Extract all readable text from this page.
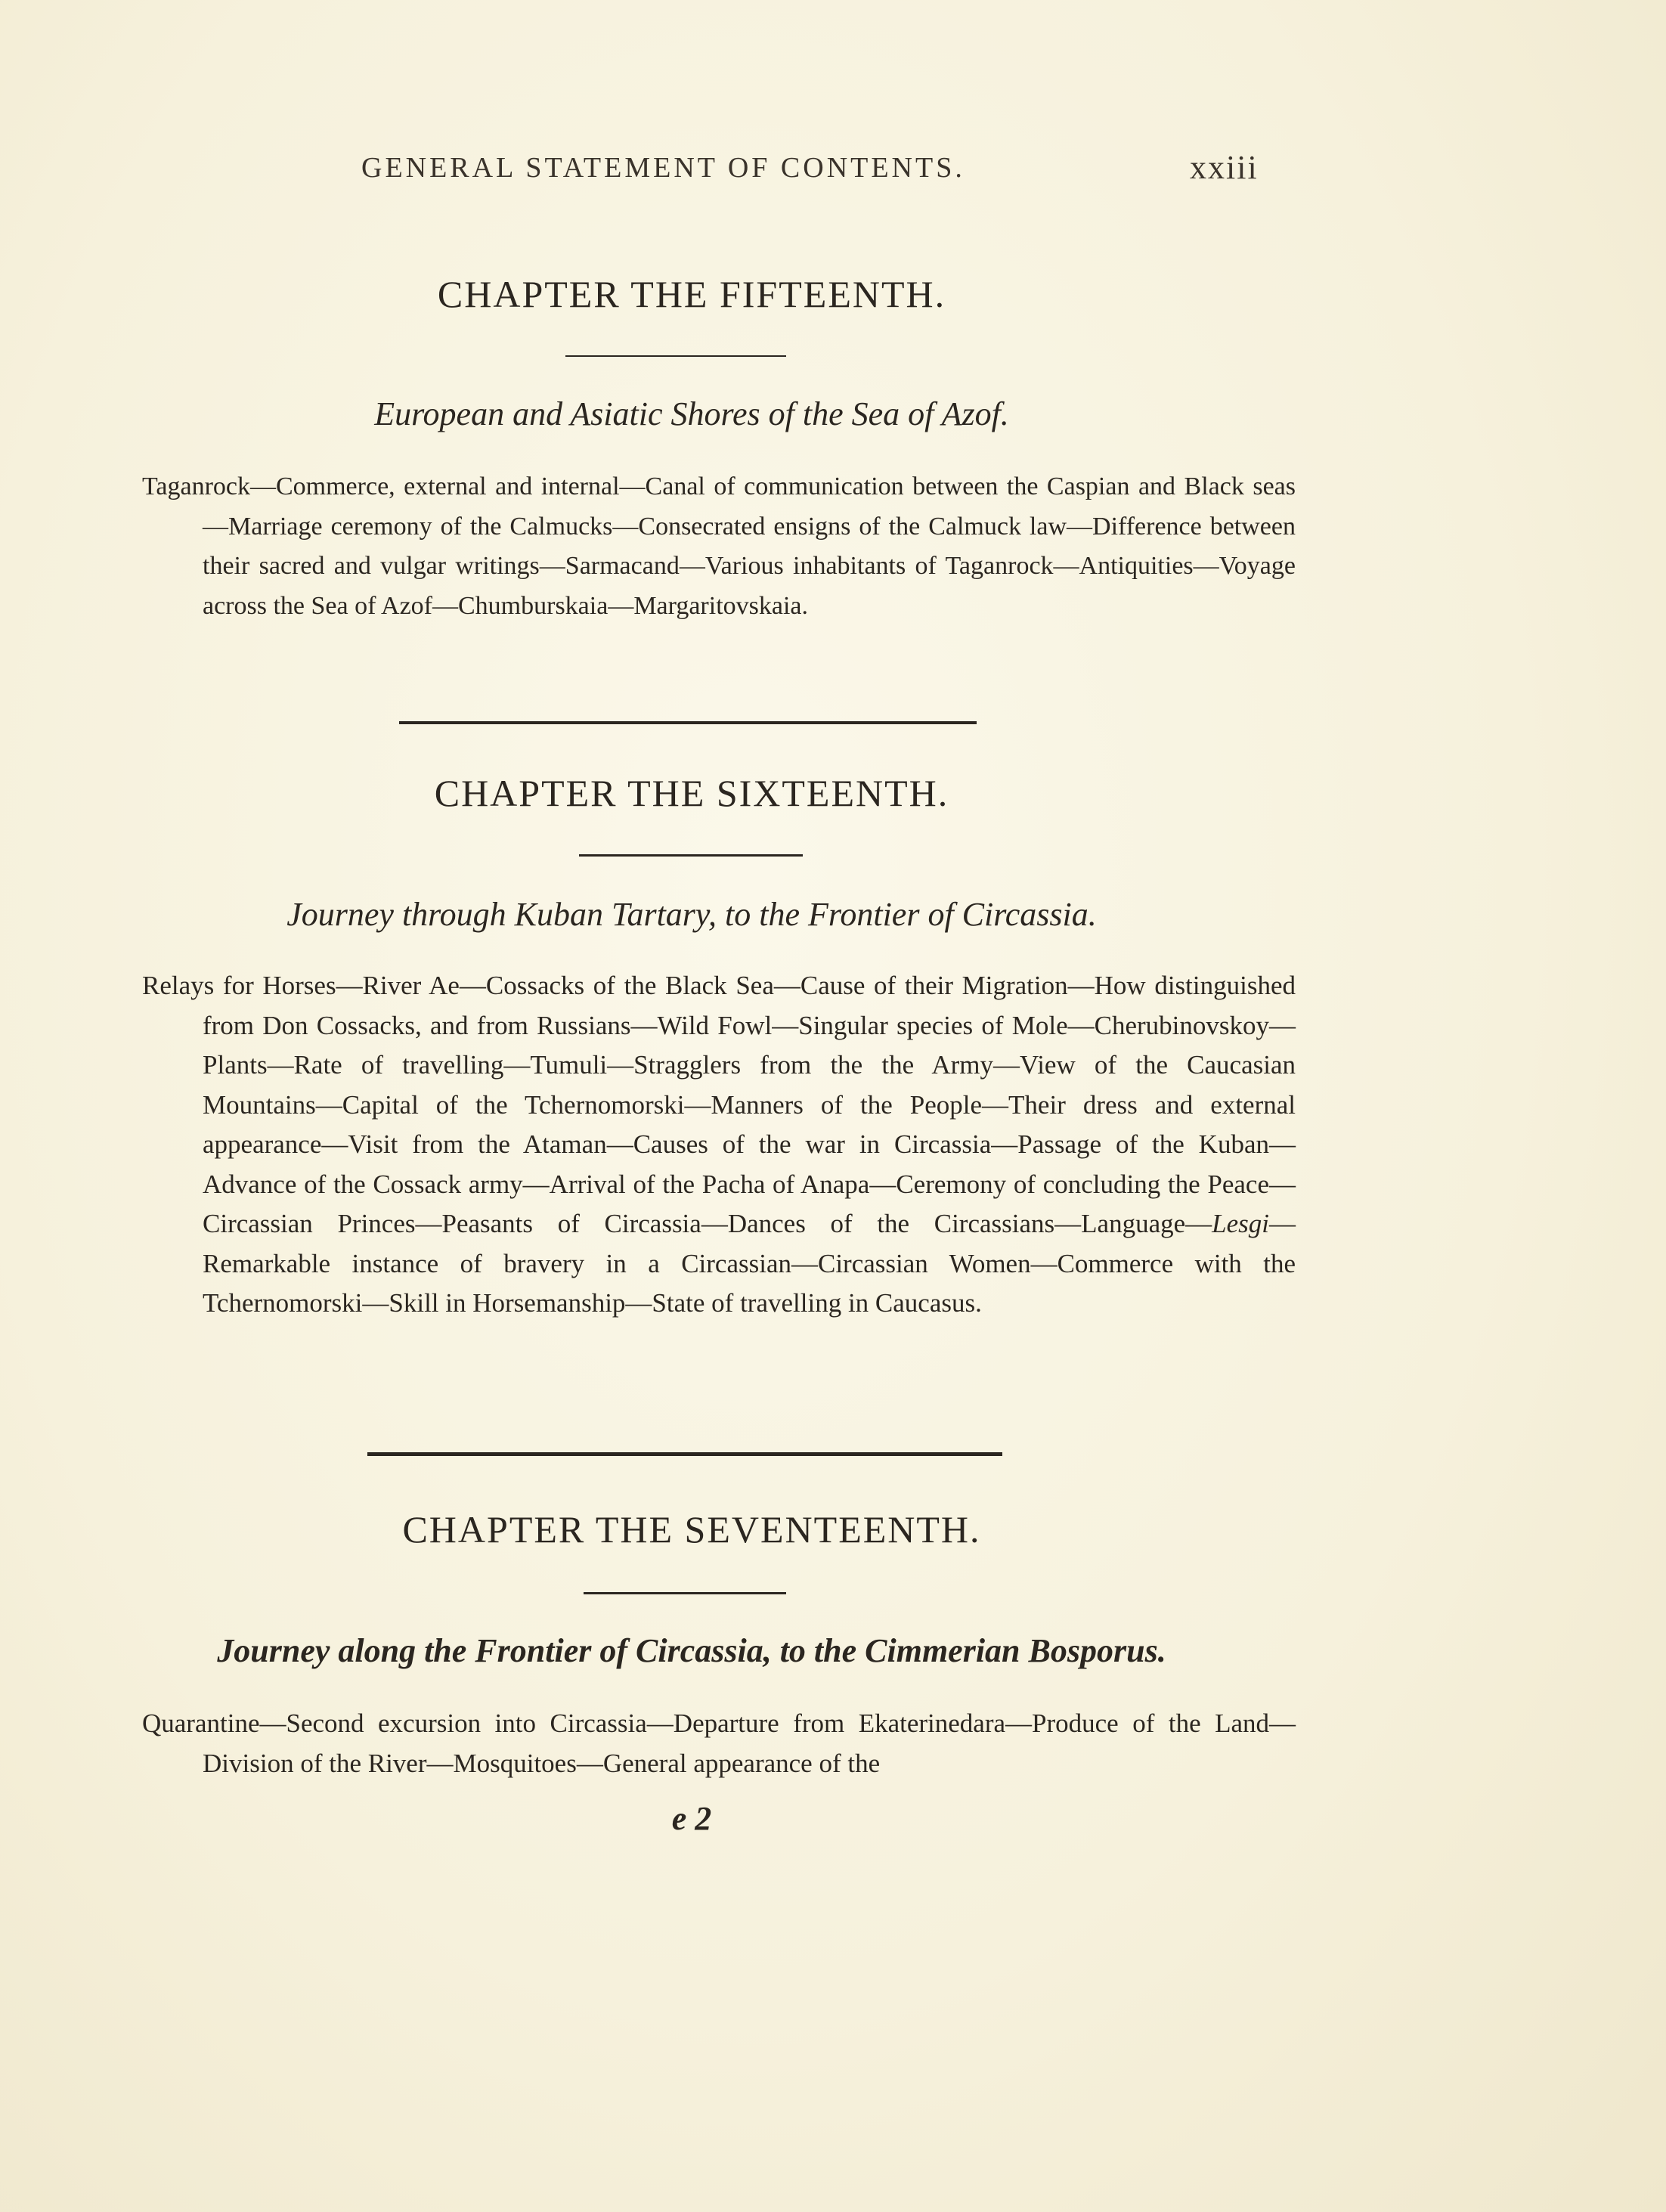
GENERAL STATEMENT OF CONTENTS.	xxiii
CHAPTER THE FIFTEENTH.
European and Asiatic Shores of the Sea of Azof.
Taganrock—Commerce, external and internal—Canal of communication between the Caspian and Black seas—Marriage ceremony of the Calmucks—Consecrated ensigns of the Calmuck law—Difference between their sacred and vulgar writings—Sarmacand—Various inhabitants of Taganrock—Antiquities—Voyage across the Sea of Azof—Chumburskaia—Margaritovskaia.
CHAPTER THE SIXTEENTH.
Journey through Kuban Tartary, to the Frontier of Circassia.
Relays for Horses—River Ae—Cossacks of the Black Sea—Cause of their Migration—How distinguished from Don Cossacks, and from Russians—Wild Fowl—Singular species of Mole—Cherubinovskoy—Plants—Rate of travelling—Tumuli—Stragglers from the the Army—View of the Caucasian Mountains—Capital of the Tchernomorski—Manners of the People—Their dress and external appearance—Visit from the Ataman—Causes of the war in Circassia—Passage of the Kuban—Advance of the Cossack army—Arrival of the Pacha of Anapa—Ceremony of concluding the Peace—Circassian Princes—Peasants of Circassia—Dances of the Circassians—Language—Lesgi—Remarkable instance of bravery in a Circassian—Circassian Women—Commerce with the Tchernomorski—Skill in Horsemanship—State of travelling in Caucasus.
CHAPTER THE SEVENTEENTH.
Journey along the Frontier of Circassia, to the Cimmerian Bosporus.
Quarantine—Second excursion into Circassia—Departure from Ekaterinedara—Produce of the Land—Division of the River—Mosquitoes—General appearance of the
e 2
